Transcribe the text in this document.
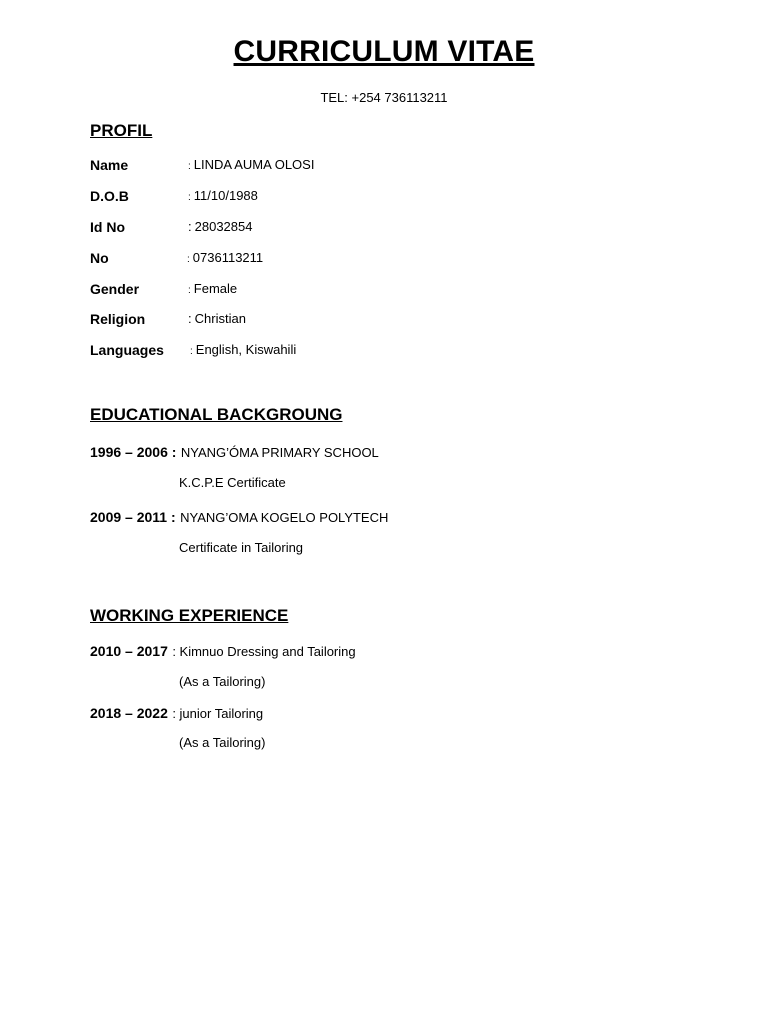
CURRICULUM VITAE
TEL: +254 736113211
PROFIL
Name	: LINDA AUMA OLOSI
D.O.B	: 11/10/1988
Id No	: 28032854
No	: 0736113211
Gender	: Female
Religion	: Christian
Languages	: English, Kiswahili
EDUCATIONAL BACKGROUNG
1996 – 2006 : NYANG’ÓMA PRIMARY SCHOOL
K.C.P.E Certificate
2009 – 2011 : NYANG’OMA KOGELO POLYTECH
Certificate in Tailoring
WORKING EXPERIENCE
2010 – 2017 : Kimnuo Dressing and Tailoring
(As a Tailoring)
2018 – 2022 : junior Tailoring
(As a Tailoring)
